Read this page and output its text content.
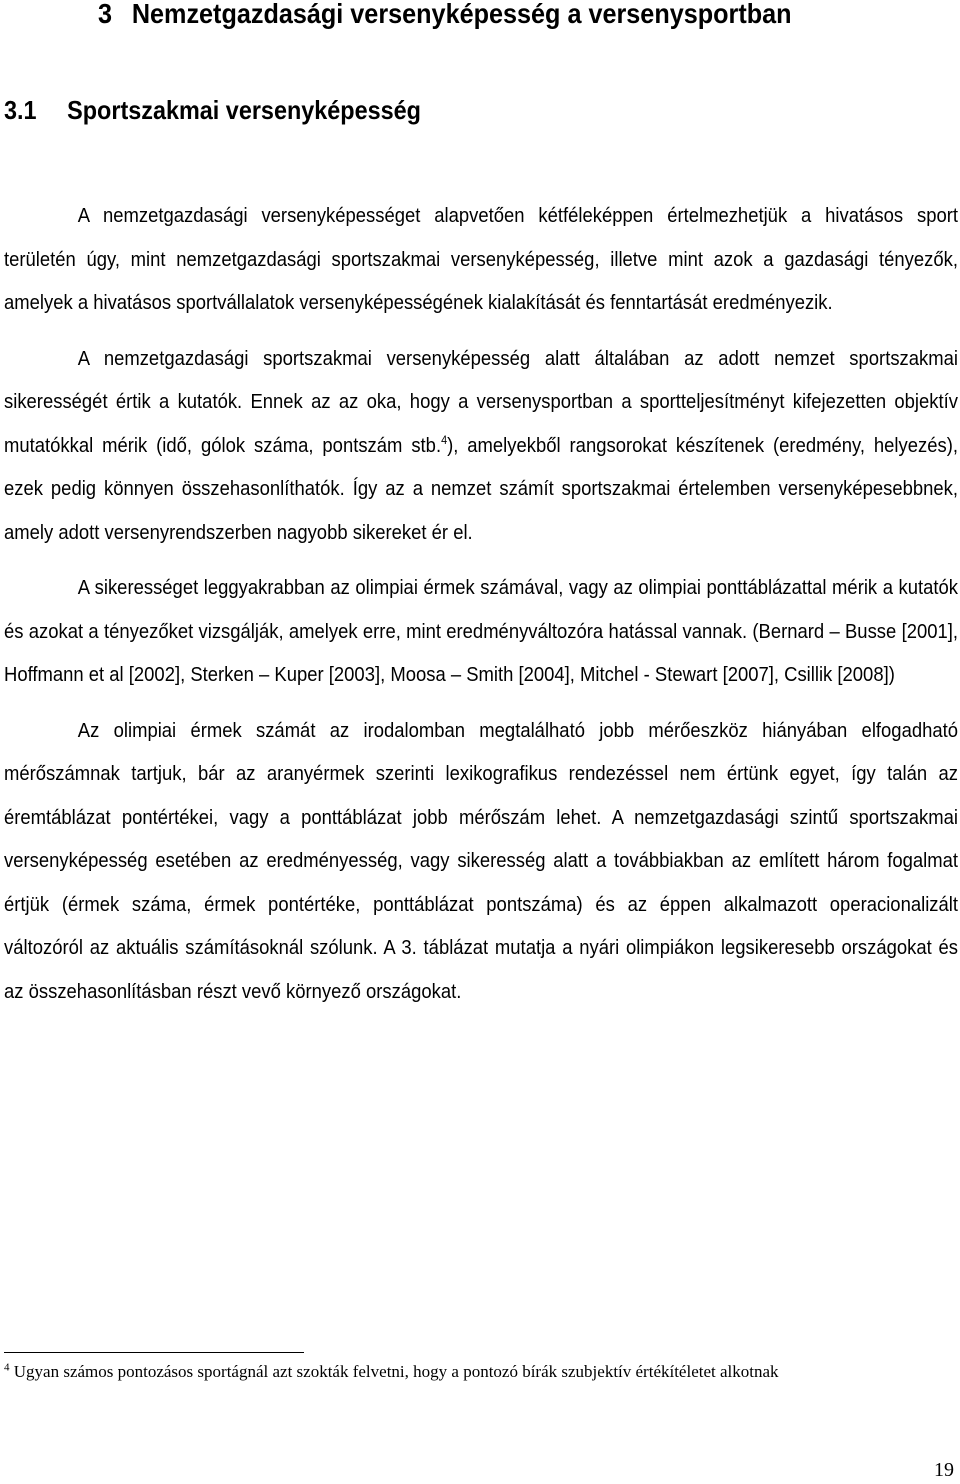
3 Nemzetgazdasági versenyképesség a versenysportban
3.1 Sportszakmai versenyképesség

A nemzetgazdasági versenyképességet alapvetően kétféleképpen értelmezhetjük a hivatásos sport területén úgy, mint nemzetgazdasági sportszakmai versenyképesség, illetve mint azok a gazdasági tényezők, amelyek a hivatásos sportvállalatok versenyképességének kialakítását és fenntartását eredményezik.

A nemzetgazdasági sportszakmai versenyképesség alatt általában az adott nemzet sportszakmai sikerességét értik a kutatók. Ennek az az oka, hogy a versenysportban a sportteljesítményt kifejezetten objektív mutatókkal mérik (idő, gólok száma, pontszám stb.$^4$), amelyekből rangsorokat készítenek (eredmény, helyezés), ezek pedig könnyen összehasonlíthatók. Így az a nemzet számít sportszakmai értelemben versenyképesebbnek, amely adott versenyrendszerben nagyobb sikereket ér el.

A sikerességet leggyakrabban az olimpiai érmek számával, vagy az olimpiai ponttáblázattal mérik a kutatók és azokat a tényezőket vizsgálják, amelyek erre, mint eredményváltozóra hatással vannak. (Bernard – Busse [2001], Hoffmann et al [2002], Sterken – Kuper [2003], Moosa – Smith [2004], Mitchel - Stewart [2007], Csillik [2008])

Az olimpiai érmek számát az irodalomban megtalálható jobb mérőeszköz hiányában elfogadható mérőszámnak tartjuk, bár az aranyérmek szerinti lexikografikus rendezéssel nem értünk egyet, így talán az éremtáblázat pontértékei, vagy a ponttáblázat jobb mérőszám lehet. A nemzetgazdasági szintű sportszakmai versenyképesség esetében az eredményesség, vagy sikeresség alatt a továbbiakban az említett három fogalmat értjük (érmek száma, érmek pontértéke, ponttáblázat pontszáma) és az éppen alkalmazott operacionalizált változóról az aktuális számításoknál szólunk. A 3. táblázat mutatja a nyári olimpiákon legsikeresebb országokat és az összehasonlításban részt vevő környező országokat.

$^4$ Ugyan számos pontozásos sportágnál azt szokták felvetni, hogy a pontozó bírák szubjektív értékítéletet alkotnak
19
